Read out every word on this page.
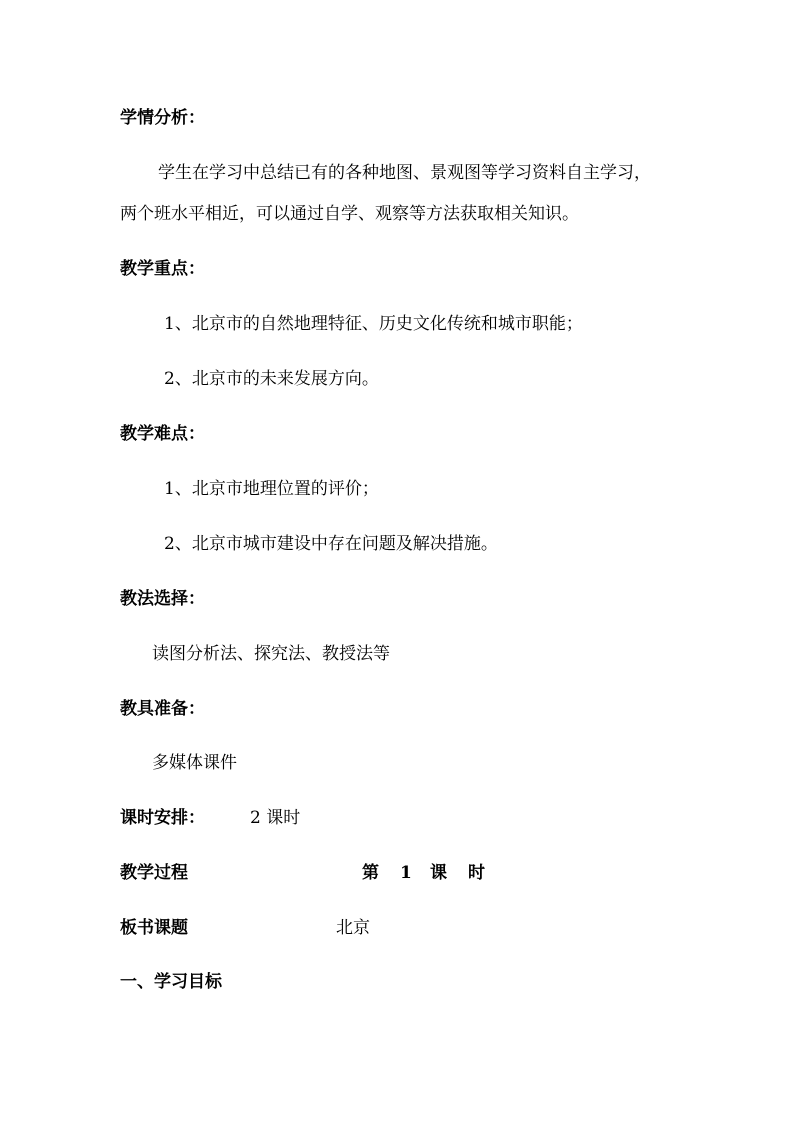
学情分析：
学生在学习中总结已有的各种地图、景观图等学习资料自主学习，
两个班水平相近，可以通过自学、观察等方法获取相关知识。
教学重点：
1、北京市的自然地理特征、历史文化传统和城市职能；
2、北京市的未来发展方向。
教学难点：
1、北京市地理位置的评价；
2、北京市城市建设中存在问题及解决措施。
教法选择：
读图分析法、探究法、教授法等
教具准备：
多媒体课件
课时安排：	2 课时
教学过程	第 1 课 时
板书课题	北京
一、学习目标
